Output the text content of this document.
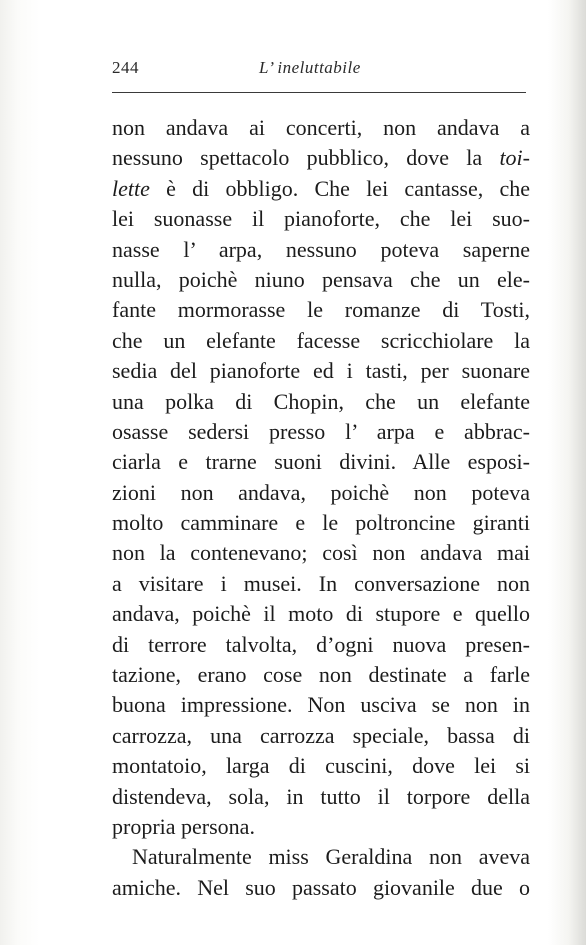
244	L’ ineluttabile
non andava ai concerti, non andava a
nessuno spettacolo pubblico, dove la toi-
lette è di obbligo. Che lei cantasse, che
lei suonasse il pianoforte, che lei suo-
nasse l’ arpa, nessuno poteva saperne
nulla, poichè niuno pensava che un ele-
fante mormorasse le romanze di Tosti,
che un elefante facesse scricchiolare la
sedia del pianoforte ed i tasti, per suonare
una polka di Chopin, che un elefante
osasse sedersi presso l’ arpa e abbrac-
ciarla e trarne suoni divini. Alle esposi-
zioni non andava, poichè non poteva
molto camminare e le poltroncine giranti
non la contenevano; così non andava mai
a visitare i musei. In conversazione non
andava, poichè il moto di stupore e quello
di terrore talvolta, d’ogni nuova presen-
tazione, erano cose non destinate a farle
buona impressione. Non usciva se non in
carrozza, una carrozza speciale, bassa di
montatoio, larga di cuscini, dove lei si
distendeva, sola, in tutto il torpore della
propria persona.
Naturalmente miss Geraldina non aveva
amiche. Nel suo passato giovanile due o
